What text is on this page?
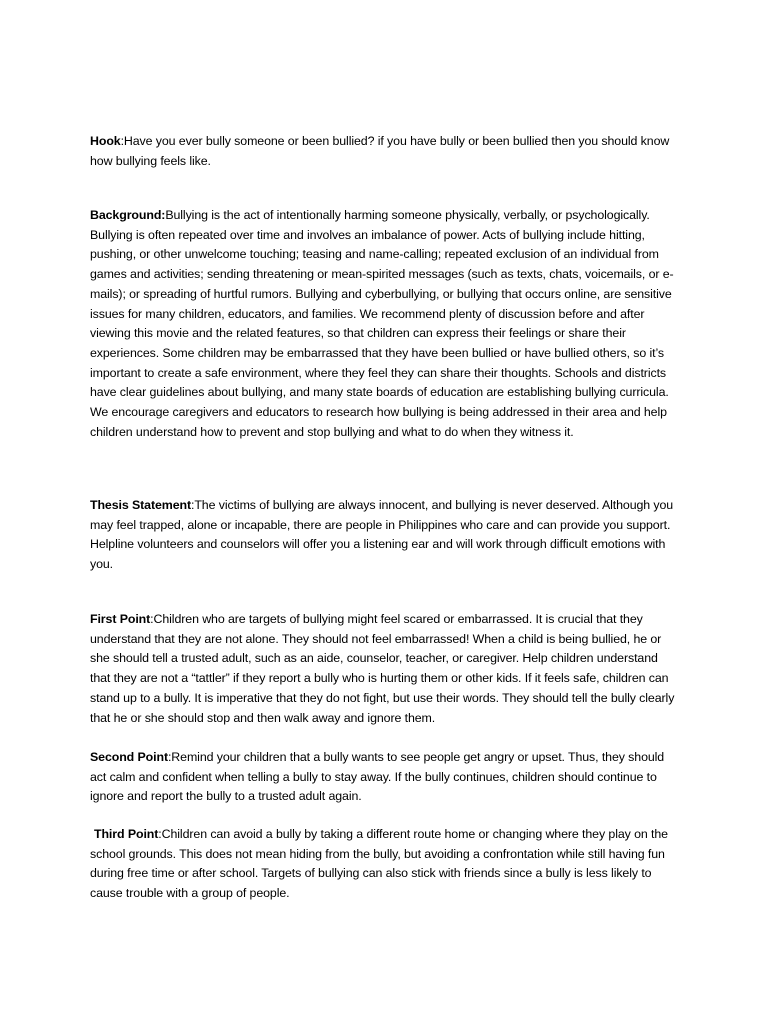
Hook:Have you ever bully someone or been bullied? if you have bully or been bullied then you should know how bullying feels like.

Background:Bullying is the act of intentionally harming someone physically, verbally, or psychologically. Bullying is often repeated over time and involves an imbalance of power. Acts of bullying include hitting, pushing, or other unwelcome touching; teasing and name-calling; repeated exclusion of an individual from games and activities; sending threatening or mean-spirited messages (such as texts, chats, voicemails, or e-mails); or spreading of hurtful rumors. Bullying and cyberbullying, or bullying that occurs online, are sensitive issues for many children, educators, and families. We recommend plenty of discussion before and after viewing this movie and the related features, so that children can express their feelings or share their experiences. Some children may be embarrassed that they have been bullied or have bullied others, so it’s important to create a safe environment, where they feel they can share their thoughts. Schools and districts have clear guidelines about bullying, and many state boards of education are establishing bullying curricula. We encourage caregivers and educators to research how bullying is being addressed in their area and help children understand how to prevent and stop bullying and what to do when they witness it.

Thesis Statement:The victims of bullying are always innocent, and bullying is never deserved. Although you may feel trapped, alone or incapable, there are people in Philippines who care and can provide you support. Helpline volunteers and counselors will offer you a listening ear and will work through difficult emotions with you.

First Point:Children who are targets of bullying might feel scared or embarrassed. It is crucial that they understand that they are not alone. They should not feel embarrassed! When a child is being bullied, he or she should tell a trusted adult, such as an aide, counselor, teacher, or caregiver. Help children understand that they are not a “tattler” if they report a bully who is hurting them or other kids. If it feels safe, children can stand up to a bully. It is imperative that they do not fight, but use their words. They should tell the bully clearly that he or she should stop and then walk away and ignore them.

Second Point:Remind your children that a bully wants to see people get angry or upset. Thus, they should act calm and confident when telling a bully to stay away. If the bully continues, children should continue to ignore and report the bully to a trusted adult again.

Third Point:Children can avoid a bully by taking a different route home or changing where they play on the school grounds. This does not mean hiding from the bully, but avoiding a confrontation while still having fun during free time or after school. Targets of bullying can also stick with friends since a bully is less likely to cause trouble with a group of people.
